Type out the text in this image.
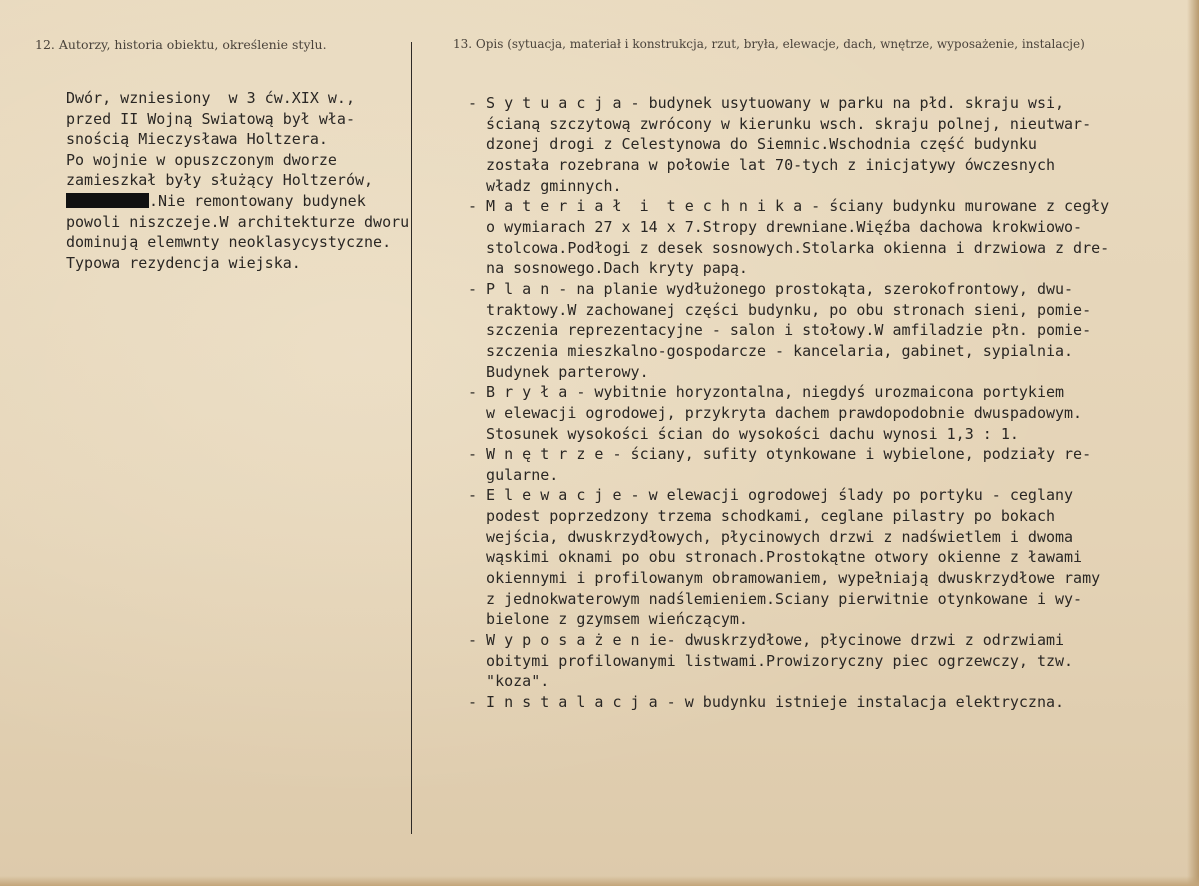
12. Autorzy, historia obiektu, określenie stylu.	13. Opis (sytuacja, materiał i konstrukcja, rzut, bryła, elewacje, dach, wnętrze, wyposażenie, instalacje)
Dwór, wzniesiony  w 3 ćw.XIX w.,
przed II Wojną Swiatową był wła-
snością Mieczysława Holtzera.
Po wojnie w opuszczonym dworze
zamieszkał były służący Holtzerów,
.Nie remontowany budynek
powoli niszczeje.W architekturze dworu
dominują elemwnty neoklasycystyczne.
Typowa rezydencja wiejska.
- S y t u a c j a - budynek usytuowany w parku na płd. skraju wsi,
ścianą szczytową zwrócony w kierunku wsch. skraju polnej, nieutwar-
dzonej drogi z Celestynowa do Siemnic.Wschodnia część budynku
została rozebrana w połowie lat 70-tych z inicjatywy ówczesnych
władz gminnych.
- M a t e r i a ł  i  t e c h n i k a - ściany budynku murowane z cegły
o wymiarach 27 x 14 x 7.Stropy drewniane.Więźba dachowa krokwiowo-
stolcowa.Podłogi z desek sosnowych.Stolarka okienna i drzwiowa z dre-
na sosnowego.Dach kryty papą.
- P l a n - na planie wydłużonego prostokąta, szerokofrontowy, dwu-
traktowy.W zachowanej części budynku, po obu stronach sieni, pomie-
szczenia reprezentacyjne - salon i stołowy.W amfiladzie płn. pomie-
szczenia mieszkalno-gospodarcze - kancelaria, gabinet, sypialnia.
Budynek parterowy.
- B r y ł a - wybitnie horyzontalna, niegdyś urozmaicona portykiem
w elewacji ogrodowej, przykryta dachem prawdopodobnie dwuspadowym.
Stosunek wysokości ścian do wysokości dachu wynosi 1,3 : 1.
- W n ę t r z e - ściany, sufity otynkowane i wybielone, podziały re-
gularne.
- E l e w a c j e - w elewacji ogrodowej ślady po portyku - ceglany
podest poprzedzony trzema schodkami, ceglane pilastry po bokach
wejścia, dwuskrzydłowych, płycinowych drzwi z nadświetlem i dwoma
wąskimi oknami po obu stronach.Prostokątne otwory okienne z ławami
okiennymi i profilowanym obramowaniem, wypełniają dwuskrzydłowe ramy
z jednokwaterowym nadślemieniem.Sciany pierwitnie otynkowane i wy-
bielone z gzymsem wieńczącym.
- W y p o s a ż e n ie- dwuskrzydłowe, płycinowe drzwi z odrzwiami
obitymi profilowanymi listwami.Prowizoryczny piec ogrzewczy, tzw.
"koza".
- I n s t a l a c j a - w budynku istnieje instalacja elektryczna.
